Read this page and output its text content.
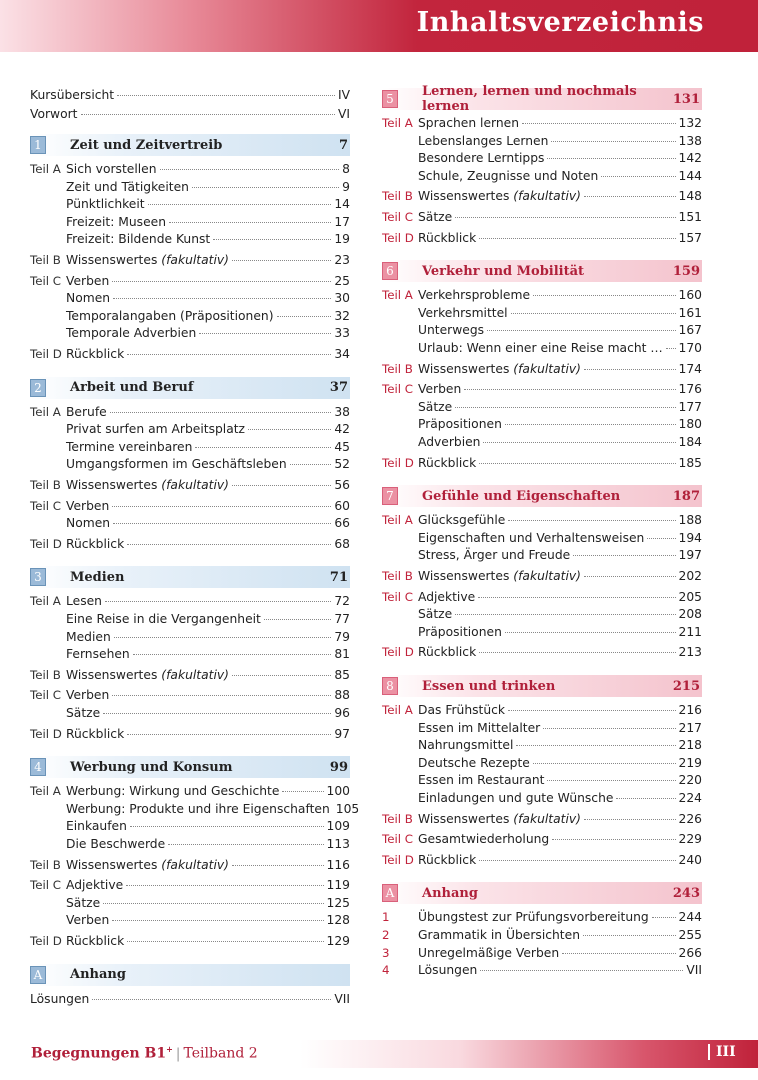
Inhaltsverzeichnis
Kursübersicht	IV
Vorwort	VI
1	Zeit und Zeitvertreib	7
Teil A Sich vorstellen	8
Zeit und Tätigkeiten	9
Pünktlichkeit	14
Freizeit: Museen	17
Freizeit: Bildende Kunst	19
Teil B Wissenswertes (fakultativ)	23
Teil C Verben	25
Nomen	30
Temporalangaben (Präpositionen)	32
Temporale Adverbien	33
Teil D Rückblick	34
2	Arbeit und Beruf	37
Teil A Berufe	38
Privat surfen am Arbeitsplatz	42
Termine vereinbaren	45
Umgangsformen im Geschäftsleben	52
Teil B Wissenswertes (fakultativ)	56
Teil C Verben	60
Nomen	66
Teil D Rückblick	68
3	Medien	71
Teil A Lesen	72
Eine Reise in die Vergangenheit	77
Medien	79
Fernsehen	81
Teil B Wissenswertes (fakultativ)	85
Teil C Verben	88
Sätze	96
Teil D Rückblick	97
4	Werbung und Konsum	99
Teil A Werbung: Wirkung und Geschichte	100
Werbung: Produkte und ihre Eigenschaften 105
Einkaufen	109
Die Beschwerde	113
Teil B Wissenswertes (fakultativ)	116
Teil C Adjektive	119
Sätze	125
Verben	128
Teil D Rückblick	129
A Anhang
Lösungen	VII
5	Lernen, lernen und nochmals lernen	131
Teil A Sprachen lernen	132
Lebenslanges Lernen	138
Besondere Lerntipps	142
Schule, Zeugnisse und Noten	144
Teil B Wissenswertes (fakultativ)	148
Teil C Sätze	151
Teil D Rückblick	157
6	Verkehr und Mobilität	159
Teil A Verkehrsprobleme	160
Verkehrsmittel	161
Unterwegs	167
Urlaub: Wenn einer eine Reise macht … 170
Teil B Wissenswertes (fakultativ)	174
Teil C Verben	176
Sätze	177
Präpositionen	180
Adverbien	184
Teil D Rückblick	185
7	Gefühle und Eigenschaften	187
Teil A Glücksgefühle	188
Eigenschaften und Verhaltensweisen	194
Stress, Ärger und Freude	197
Teil B Wissenswertes (fakultativ)	202
Teil C Adjektive	205
Sätze	208
Präpositionen	211
Teil D Rückblick	213
8	Essen und trinken	215
Teil A Das Frühstück	216
Essen im Mittelalter	217
Nahrungsmittel	218
Deutsche Rezepte	219
Essen im Restaurant	220
Einladungen und gute Wünsche	224
Teil B Wissenswertes (fakultativ)	226
Teil C Gesamtwiederholung	229
Teil D Rückblick	240
A Anhang	243
1	Übungstest zur Prüfungsvorbereitung 244
2	Grammatik in Übersichten	255
3	Unregelmäßige Verben	266
4	Lösungen	VII
Begegnungen B1+ | Teilband 2	III
